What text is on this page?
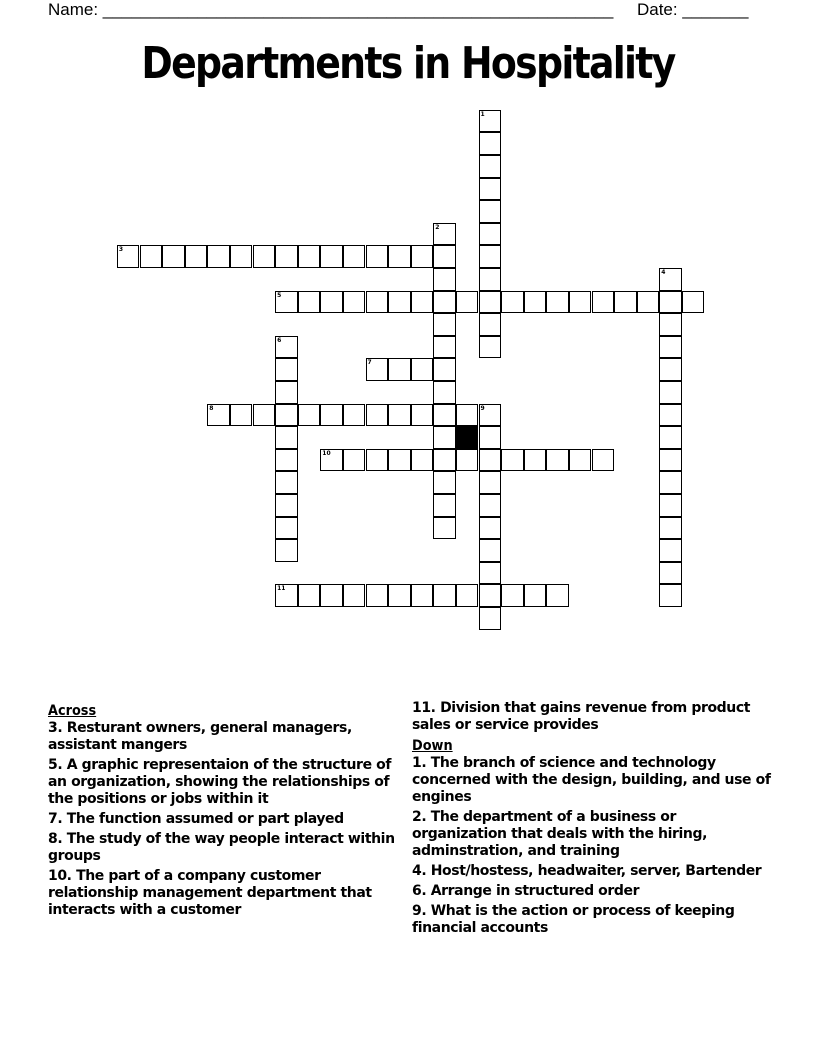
Name: ______________________________________________________     Date: _______
Departments in Hospitality
1
2
3
4
5
6
7
8	9
10
11
Across
3. Resturant owners, general managers, assistant mangers
5. A graphic representaion of the structure of an organization, showing the relationships of the positions or jobs within it
7. The function assumed or part played
8. The study of the way people interact within groups
10. The part of a company customer relationship management department that interacts with a customer
11. Division that gains revenue from product sales or service provides
Down
1. The branch of science and technology concerned with the design, building, and use of engines
2. The department of a business or organization that deals with the hiring, adminstration, and training
4. Host/hostess, headwaiter, server, Bartender
6. Arrange in structured order
9. What is the action or process of keeping financial accounts
